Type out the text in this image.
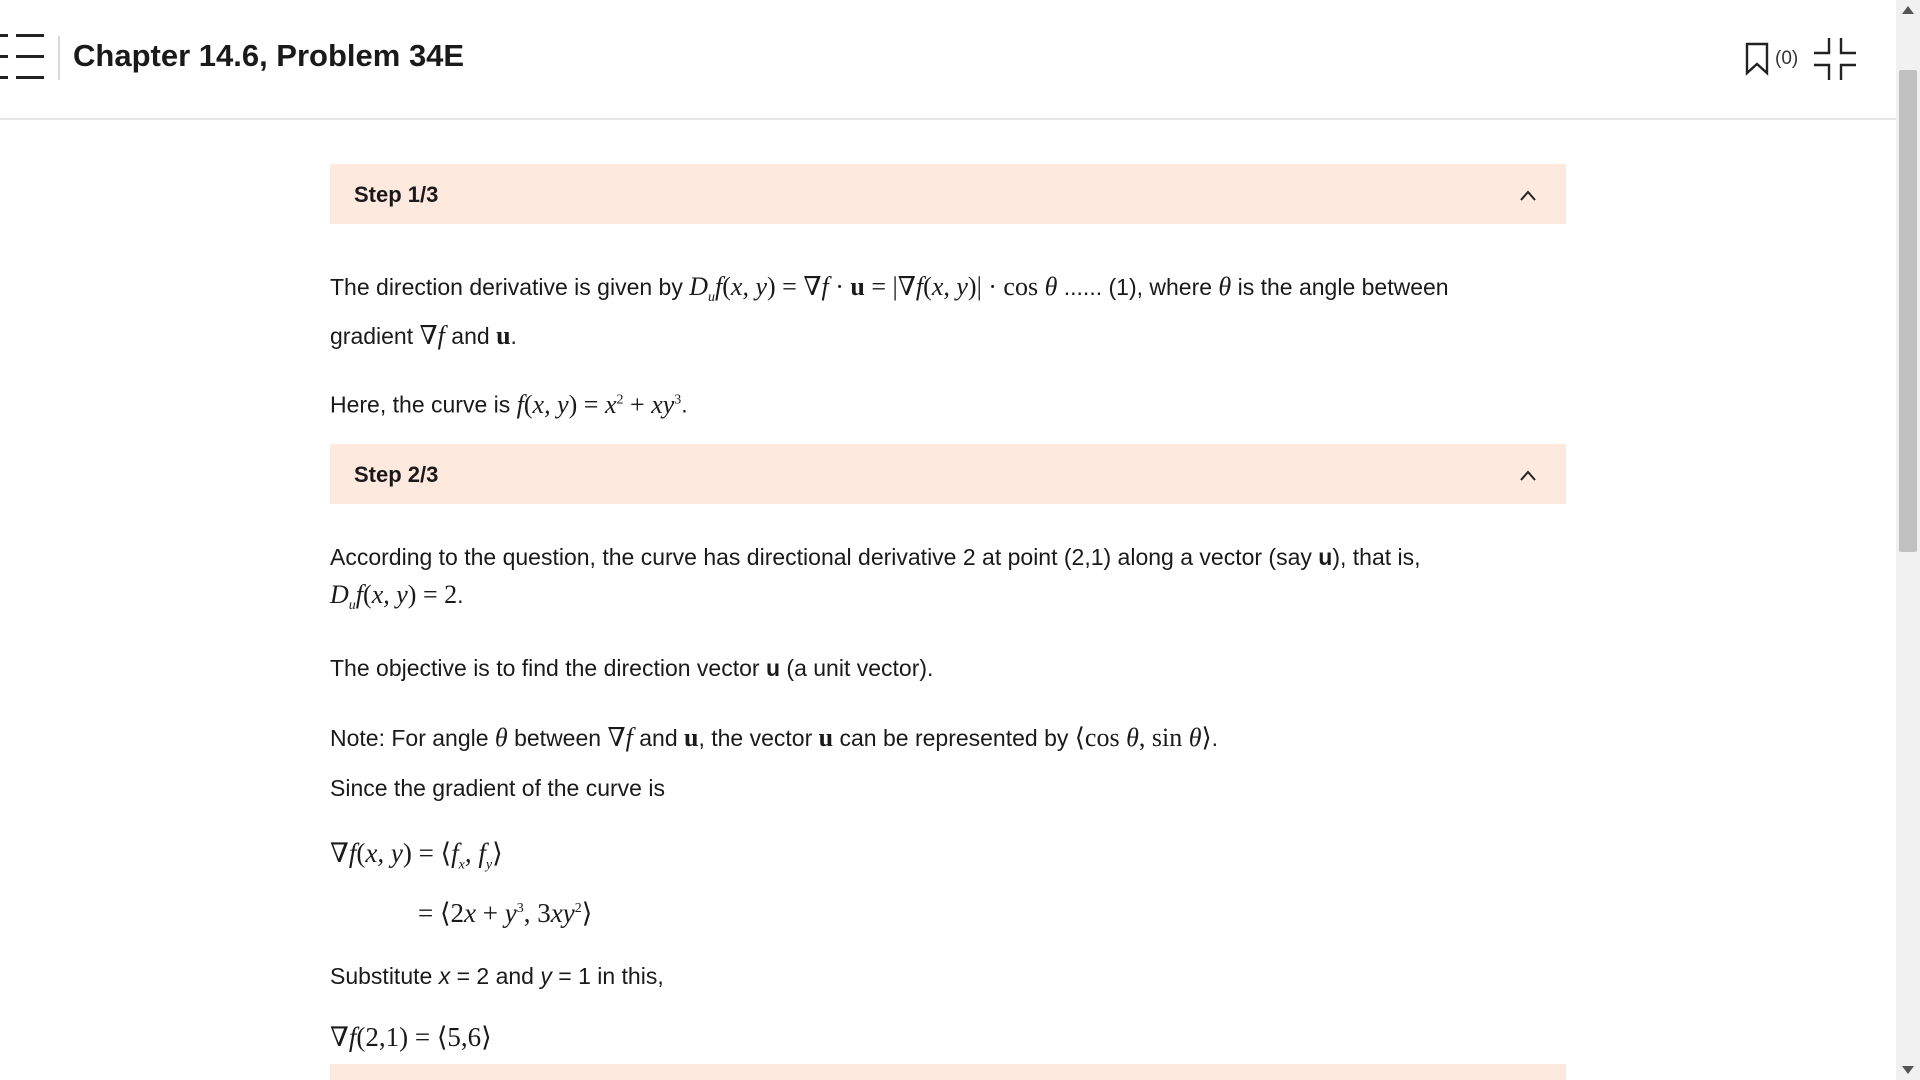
Chapter 14.6, Problem 34E	(0)
Step 1/3

The direction derivative is given by $D_uf(x$, y) = ∇f · u = |∇f(x, y)| · cos θ ...... (1), where θ is the angle between
gradient ∇f and u.

Here, the curve is f(x, $y) = x^2 + xy^3$.

Step 2/3

According to the question, the curve has directional derivative 2 at point (2,1) along a vector (say u), that is,
$D_uf(x$, y) = 2.

The objective is to find the direction vector u (a unit vector).

Note: For angle θ between ∇f and u, the vector u can be represented by ⟨cos θ, sin θ⟩.

Since the gradient of the curve is

∇f(x, $y) = ⟨f_x$, $f_y⟩$
= ⟨2x + $y^3$, $3xy^2⟩$

Substitute x = 2 and y = 1 in this,

∇f(2,1) = ⟨5,6⟩
